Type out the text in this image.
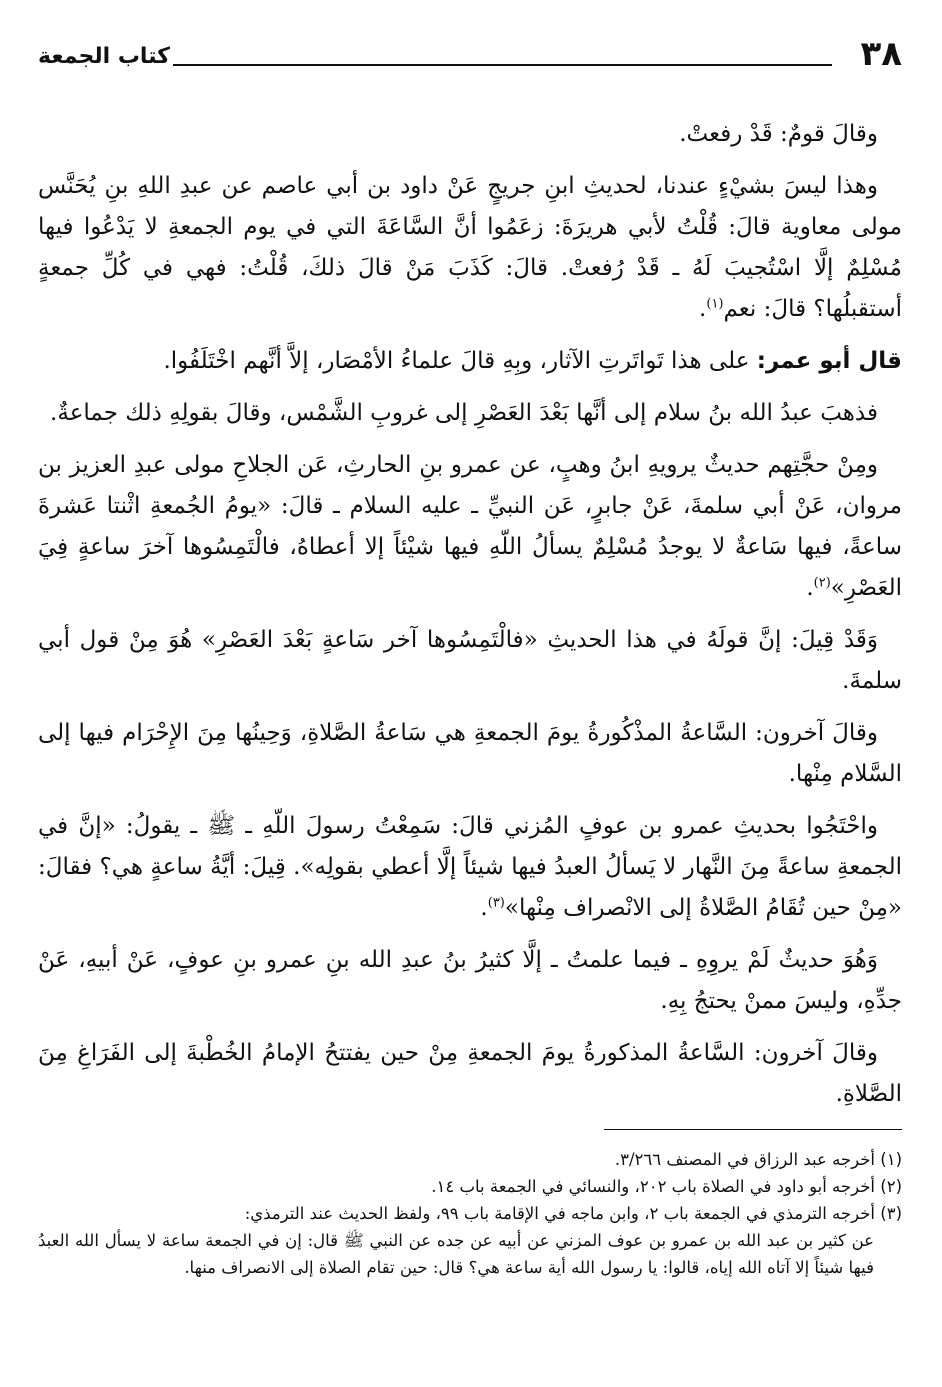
٣٨
كتاب الجمعة

وقالَ قومٌ: قَدْ رفعتْ.

وهذا ليسَ بشيْءٍ عندنا، لحديثِ ابنِ جريجٍ عَنْ داود بن أبي عاصم عن عبدِ اللهِ بنِ يُحَنَّس مولى معاوية قالَ: قُلْتُ لأبي هريرَةَ: زعَمُوا أنَّ السَّاعَةَ التي في يوم الجمعةِ لا يَدْعُوا فيها مُسْلِمٌ إلَّا اسْتُجيبَ لَهُ ـ قَدْ رُفعتْ. قالَ: كَذَبَ مَنْ قالَ ذلكَ، قُلْتُ: فهي في كُلِّ جمعةٍ أستقبلُها؟ قالَ: نعم$^{(١)}$.

قال أبو عمر: على هذا تَواتَرتِ الآثار، وبِهِ قالَ علماءُ الأمْصَار، إلاَّ أنَّهم اخْتَلَفُوا.

فذهبَ عبدُ الله بنُ سلام إلى أنَّها بَعْدَ العَصْرِ إلى غروبِ الشَّمْس، وقالَ بقولِهِ ذلك جماعةٌ.

ومِنْ حجَّتِهم حديثٌ يرويهِ ابنُ وهبٍ، عن عمرو بنِ الحارثِ، عَن الجلاحِ مولى عبدِ العزيز بن مروان، عَنْ أبي سلمةَ، عَنْ جابرٍ، عَن النبيِّ ـ عليه السلام ـ قالَ: «يومُ الجُمعةِ اثْنتا عَشرةَ ساعةً، فيها سَاعةٌ لا يوجدُ مُسْلِمٌ يسألُ اللّهِ فيها شيْئاً إلا أعطاهُ، فالْتَمِسُوها آخرَ ساعةٍ فِيَ العَصْرِ»$^{(٢)}$.

وَقَدْ قِيلَ: إنَّ قولَهُ في هذا الحديثِ «فالْتَمِسُوها آخر سَاعةٍ بَعْدَ العَصْرِ» هُوَ مِنْ قول أبي سلمةَ.

وقالَ آخرون: السَّاعةُ المذْكُورةُ يومَ الجمعةِ هي سَاعةُ الصَّلاةِ، وَحِينُها مِنَ الإِحْرَام فيها إلى السَّلام مِنْها.

واحْتَجُوا بحديثِ عمرو بن عوفٍ المُزني قالَ: سَمِعْتُ رسولَ اللّهِ ـ ﷺ ـ يقولُ: «إنَّ في الجمعةِ ساعةً مِنَ النَّهار لا يَسألُ العبدُ فيها شيئاً إلَّا أعطي بقولِه». قِيلَ: أيَّةُ ساعةٍ هي؟ فقالَ: «مِنْ حين تُقَامُ الصَّلاةُ إلى الانْصراف مِنْها»$^{(٣)}$.

وَهُوَ حديثٌ لَمْ يروِهِ ـ فيما علمتُ ـ إلَّا كثيرُ بنُ عبدِ الله بنِ عمرو بنِ عوفٍ، عَنْ أبيهِ، عَنْ جدِّهِ، وليسَ ممنْ يحتجُ بِهِ.

وقالَ آخرون: السَّاعةُ المذكورةُ يومَ الجمعةِ مِنْ حين يفتتحُ الإمامُ الخُطْبةَ إلى الفَرَاغِ مِنَ الصَّلاةِ.

(١) أخرجه عبد الرزاق في المصنف ٣/٢٦٦.

(٢) أخرجه أبو داود في الصلاة باب ٢٠٢، والنسائي في الجمعة باب ١٤.

(٣) أخرجه الترمذي في الجمعة باب ٢، وابن ماجه في الإقامة باب ٩٩، ولفظ الحديث عند الترمذي:

عن كثير بن عبد الله بن عمرو بن عوف المزني عن أبيه عن جده عن النبي ﷺ قال: إن في الجمعة ساعة لا يسأل الله العبدُ فيها شيئاً إلا آتاه الله إياه، قالوا: يا رسول الله أية ساعة هي؟ قال: حين تقام الصلاة إلى الانصراف منها.
